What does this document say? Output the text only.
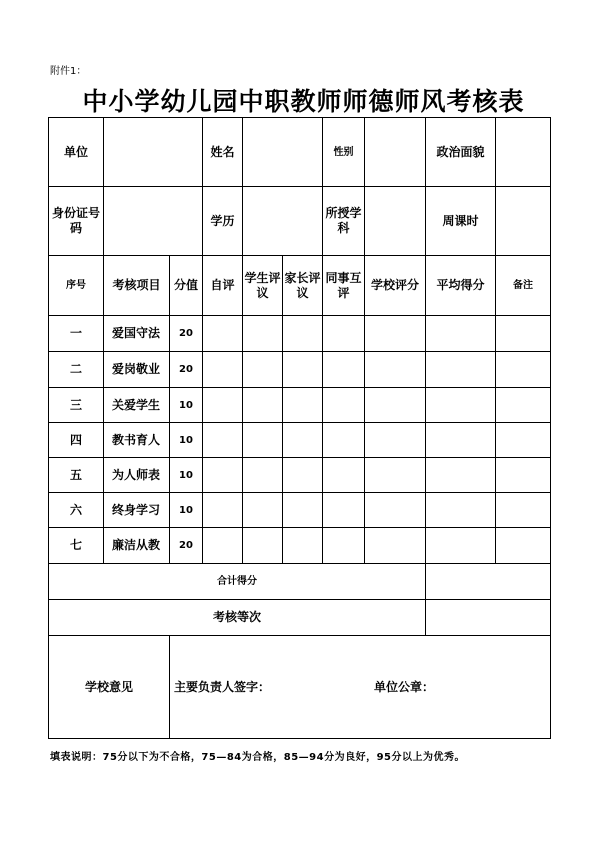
附件1：
中小学幼儿园中职教师师德师风考核表
单位			姓名			性别		政治面貌	
身份证号码			学历			所授学科		周课时	
序号	考核项目	分值	自评	学生评议	家长评议	同事互评	学校评分	平均得分	备注
一	爱国守法	20							
二	爱岗敬业	20							
三	关爱学生	10							
四	教书育人	10							
五	为人师表	10							
六	终身学习	10							
七	廉洁从教	20							
合计得分									
考核等次									
学校意见		主要负责人签字： 单位公章：							
填表说明：75分以下为不合格，75—84为合格，85—94分为良好，95分以上为优秀。
